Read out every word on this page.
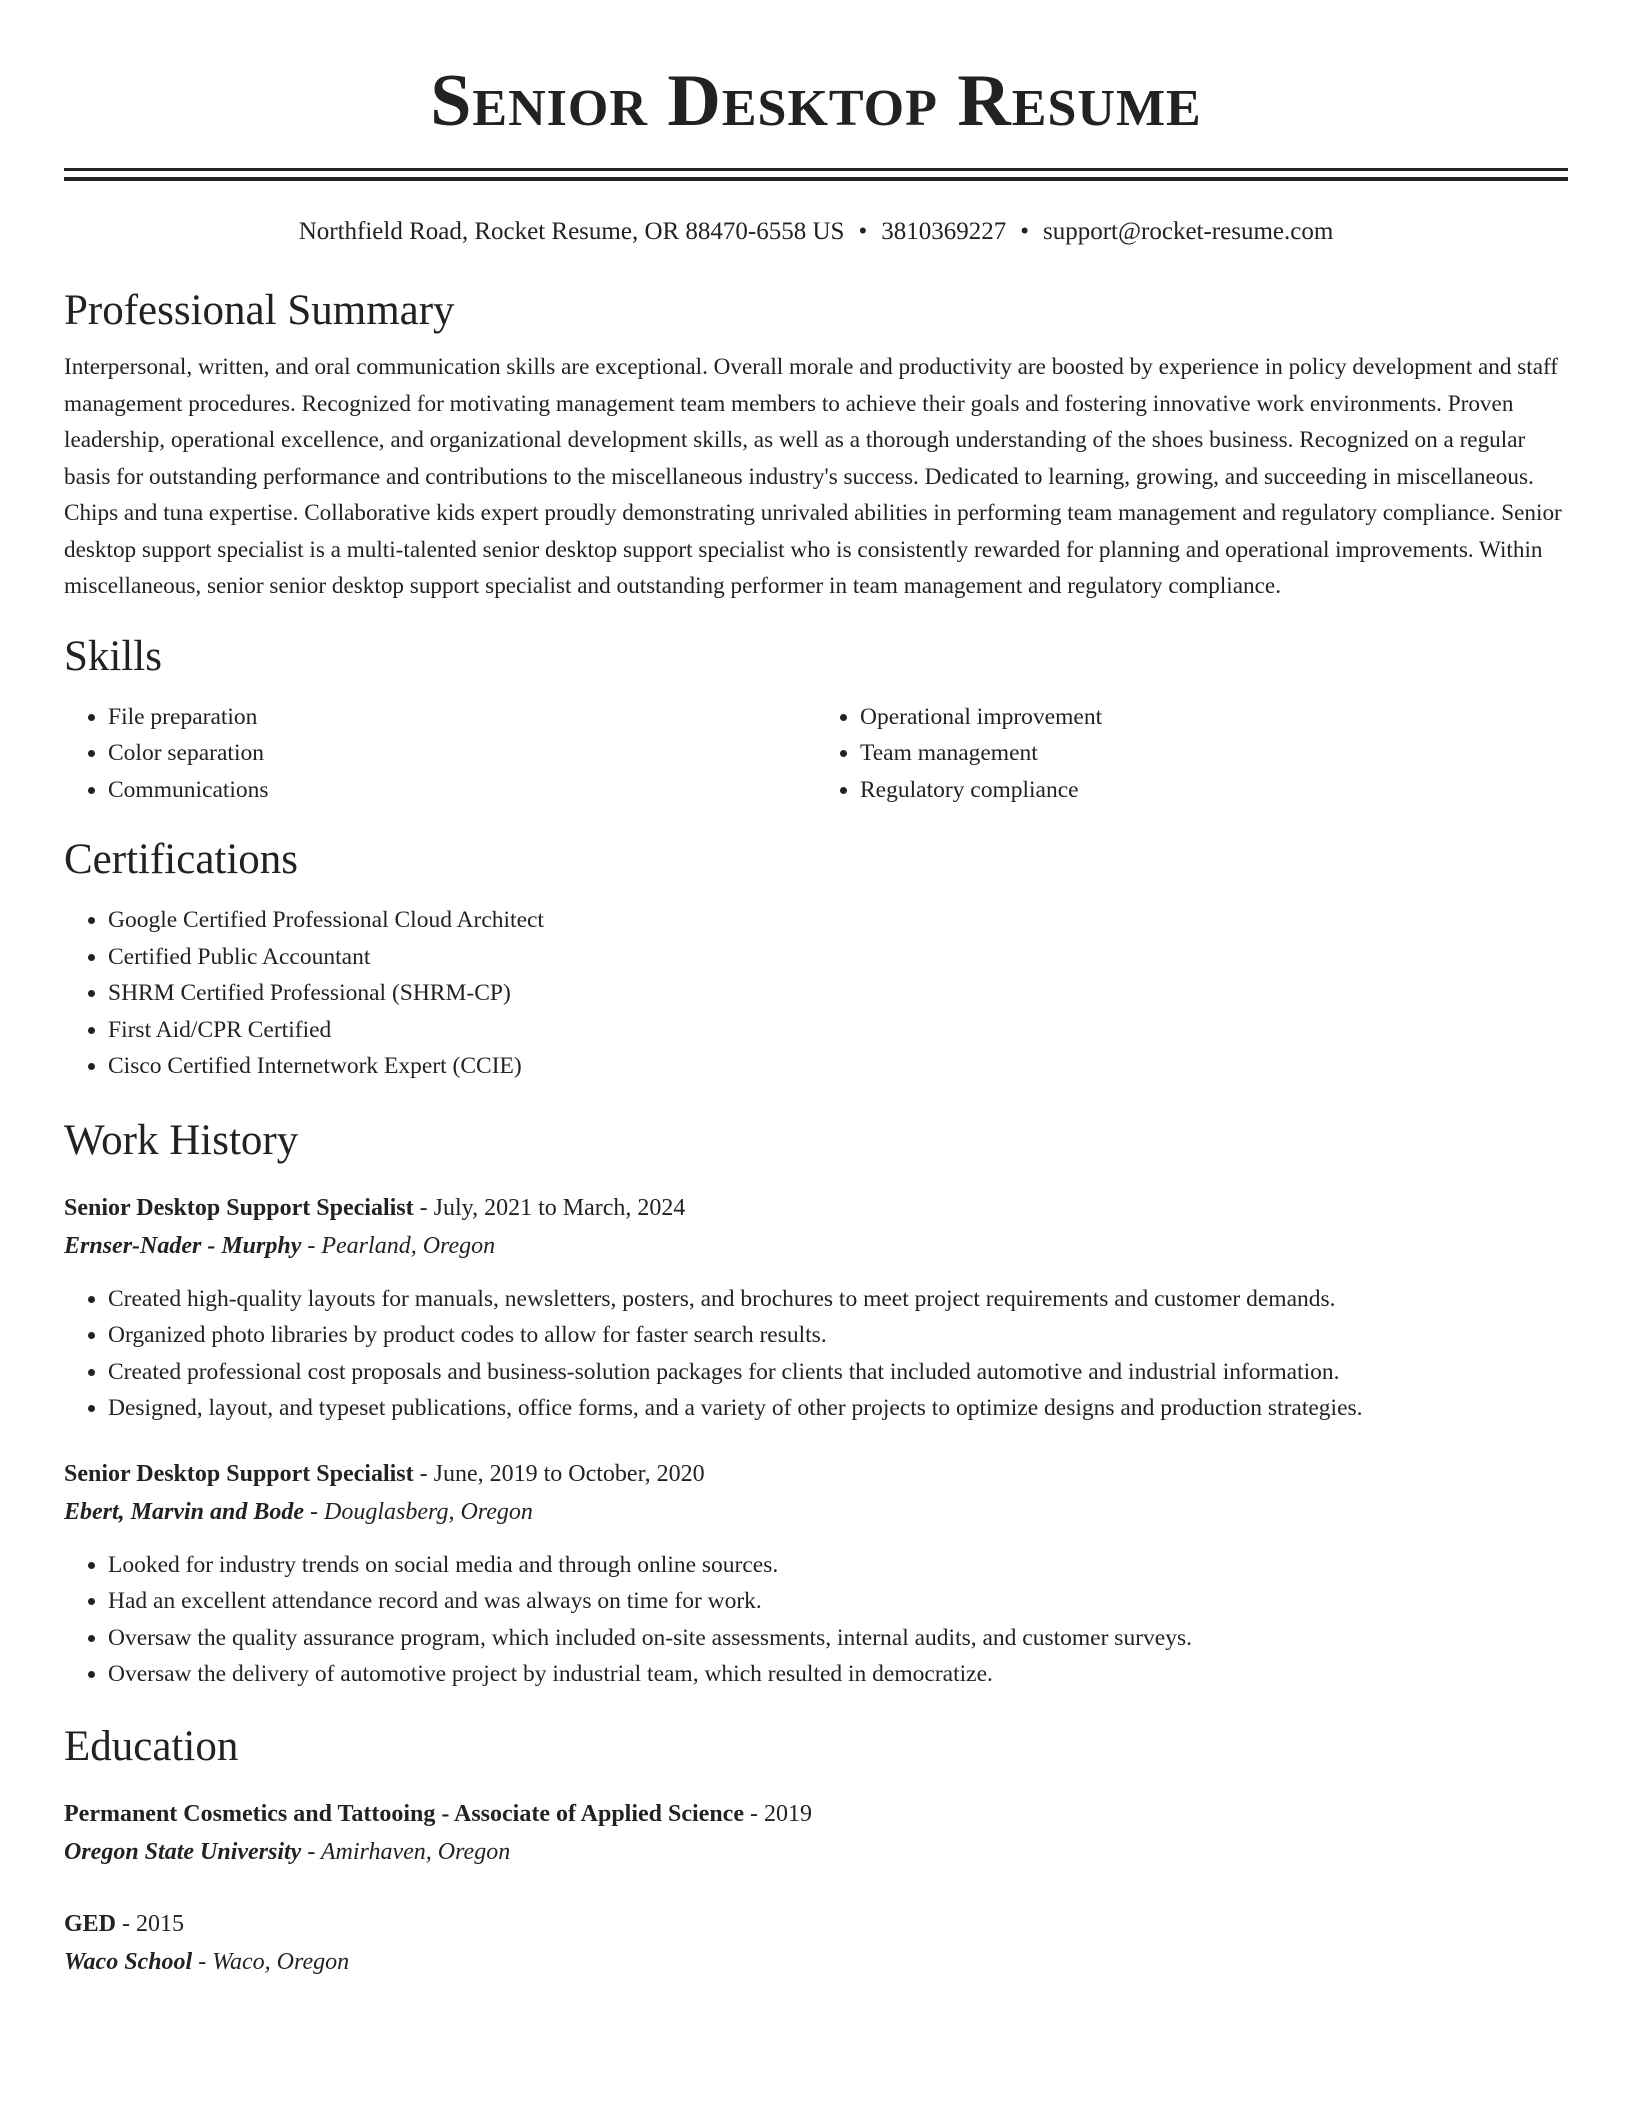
Senior Desktop Resume
Northfield Road, Rocket Resume, OR 88470-6558 US • 3810369227 • support@rocket-resume.com
Professional Summary

Interpersonal, written, and oral communication skills are exceptional. Overall morale and productivity are boosted by experience in policy development and staff management procedures. Recognized for motivating management team members to achieve their goals and fostering innovative work environments. Proven leadership, operational excellence, and organizational development skills, as well as a thorough understanding of the shoes business. Recognized on a regular basis for outstanding performance and contributions to the miscellaneous industry's success. Dedicated to learning, growing, and succeeding in miscellaneous. Chips and tuna expertise. Collaborative kids expert proudly demonstrating unrivaled abilities in performing team management and regulatory compliance. Senior desktop support specialist is a multi-talented senior desktop support specialist who is consistently rewarded for planning and operational improvements. Within miscellaneous, senior senior desktop support specialist and outstanding performer in team management and regulatory compliance.

Skills
• File preparation
• Color separation
• Communications
• Operational improvement
• Team management
• Regulatory compliance
Certifications
• Google Certified Professional Cloud Architect
• Certified Public Accountant
• SHRM Certified Professional (SHRM-CP)
• First Aid/CPR Certified
• Cisco Certified Internetwork Expert (CCIE)
Work History
Senior Desktop Support Specialist - July, 2021 to March, 2024
Ernser-Nader - Murphy - Pearland, Oregon
• Created high-quality layouts for manuals, newsletters, posters, and brochures to meet project requirements and customer demands.
• Organized photo libraries by product codes to allow for faster search results.
• Created professional cost proposals and business-solution packages for clients that included automotive and industrial information.
• Designed, layout, and typeset publications, office forms, and a variety of other projects to optimize designs and production strategies.
Senior Desktop Support Specialist - June, 2019 to October, 2020
Ebert, Marvin and Bode - Douglasberg, Oregon
• Looked for industry trends on social media and through online sources.
• Had an excellent attendance record and was always on time for work.
• Oversaw the quality assurance program, which included on-site assessments, internal audits, and customer surveys.
• Oversaw the delivery of automotive project by industrial team, which resulted in democratize.
Education
Permanent Cosmetics and Tattooing - Associate of Applied Science - 2019
Oregon State University - Amirhaven, Oregon
GED - 2015
Waco School - Waco, Oregon
